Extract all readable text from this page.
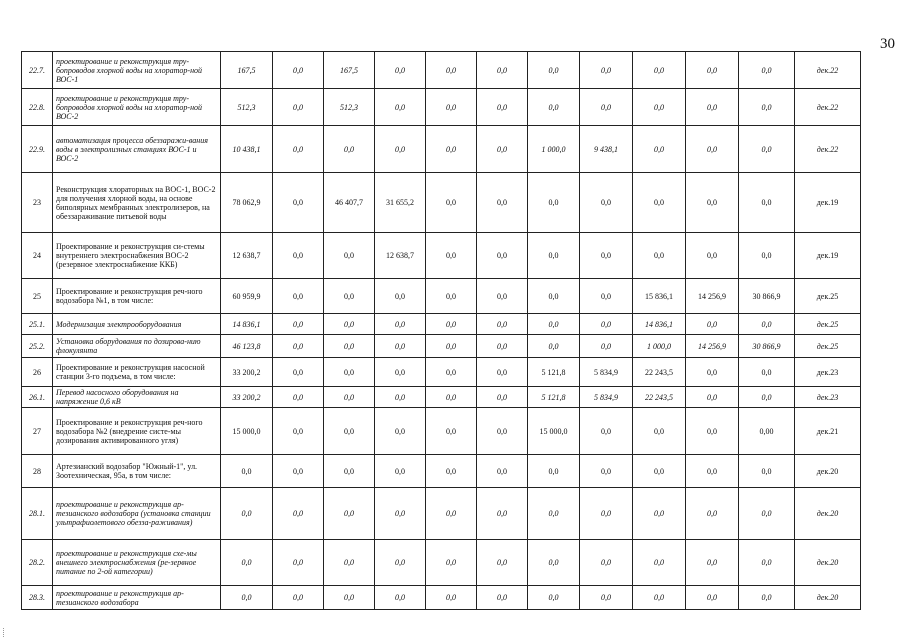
30
22.7.	проектирование и реконструкция тру-бопроводов хлорной воды на хлоратор-ной ВОС-1	167,5	0,0	167,5	0,0	0,0	0,0	0,0	0,0	0,0	0,0	0,0	дек.22
22.8.	проектирование и реконструкция тру-бопроводов хлорной воды на хлоратор-ной ВОС-2	512,3	0,0	512,3	0,0	0,0	0,0	0,0	0,0	0,0	0,0	0,0	дек.22
22.9.	автоматизация процесса обеззаражи-вания воды в электролизных станциях ВОС-1 и ВОС-2	10 438,1	0,0	0,0	0,0	0,0	0,0	1 000,0	9 438,1	0,0	0,0	0,0	дек.22
23	Реконструкция хлораторных на ВОС-1, ВОС-2 для получения хлорной воды, на основе биполярных мембранных электролизеров, на обеззараживание питьевой воды	78 062,9	0,0	46 407,7	31 655,2	0,0	0,0	0,0	0,0	0,0	0,0	0,0	дек.19
24	Проектирование и реконструкция си-стемы внутреннего электроснабжения ВОС-2 (резервное электроснабжение ККБ)	12 638,7	0,0	0,0	12 638,7	0,0	0,0	0,0	0,0	0,0	0,0	0,0	дек.19
25	Проектирование и реконструкция реч-ного водозабора №1, в том числе:	60 959,9	0,0	0,0	0,0	0,0	0,0	0,0	0,0	15 836,1	14 256,9	30 866,9	дек.25
25.1.	Модернизация электрооборудования	14 836,1	0,0	0,0	0,0	0,0	0,0	0,0	0,0	14 836,1	0,0	0,0	дек.25
25.2.	Установка оборудования по дозирова-нию флокулянта	46 123,8	0,0	0,0	0,0	0,0	0,0	0,0	0,0	1 000,0	14 256,9	30 866,9	дек.25
26	Проектирование и реконструкция насосной станции 3-го подъема, в том числе:	33 200,2	0,0	0,0	0,0	0,0	0,0	5 121,8	5 834,9	22 243,5	0,0	0,0	дек.23
26.1.	Перевод насосного оборудования на напряжение 0,6 кВ	33 200,2	0,0	0,0	0,0	0,0	0,0	5 121,8	5 834,9	22 243,5	0,0	0,0	дек.23
27	Проектирование и реконструкция реч-ного водозабора №2 (внедрение систе-мы дозирования активированного угля)	15 000,0	0,0	0,0	0,0	0,0	0,0	15 000,0	0,0	0,0	0,0	0,00	дек.21
28	Артезианский водозабор "Южный-1", ул. Зоотехническая, 95а, в том числе:	0,0	0,0	0,0	0,0	0,0	0,0	0,0	0,0	0,0	0,0	0,0	дек.20
28.1.	проектирование и реконструкция ар-тезианского водозабора (установка станции ультрафиолетового обезза-раживания)	0,0	0,0	0,0	0,0	0,0	0,0	0,0	0,0	0,0	0,0	0,0	дек.20
28.2.	проектирование и реконструкция схе-мы внешнего электроснабжения (ре-зервное питание по 2-ой категории)	0,0	0,0	0,0	0,0	0,0	0,0	0,0	0,0	0,0	0,0	0,0	дек.20
28.3.	проектирование и реконструкция ар-тезианского водозабора	0,0	0,0	0,0	0,0	0,0	0,0	0,0	0,0	0,0	0,0	0,0	дек.20
